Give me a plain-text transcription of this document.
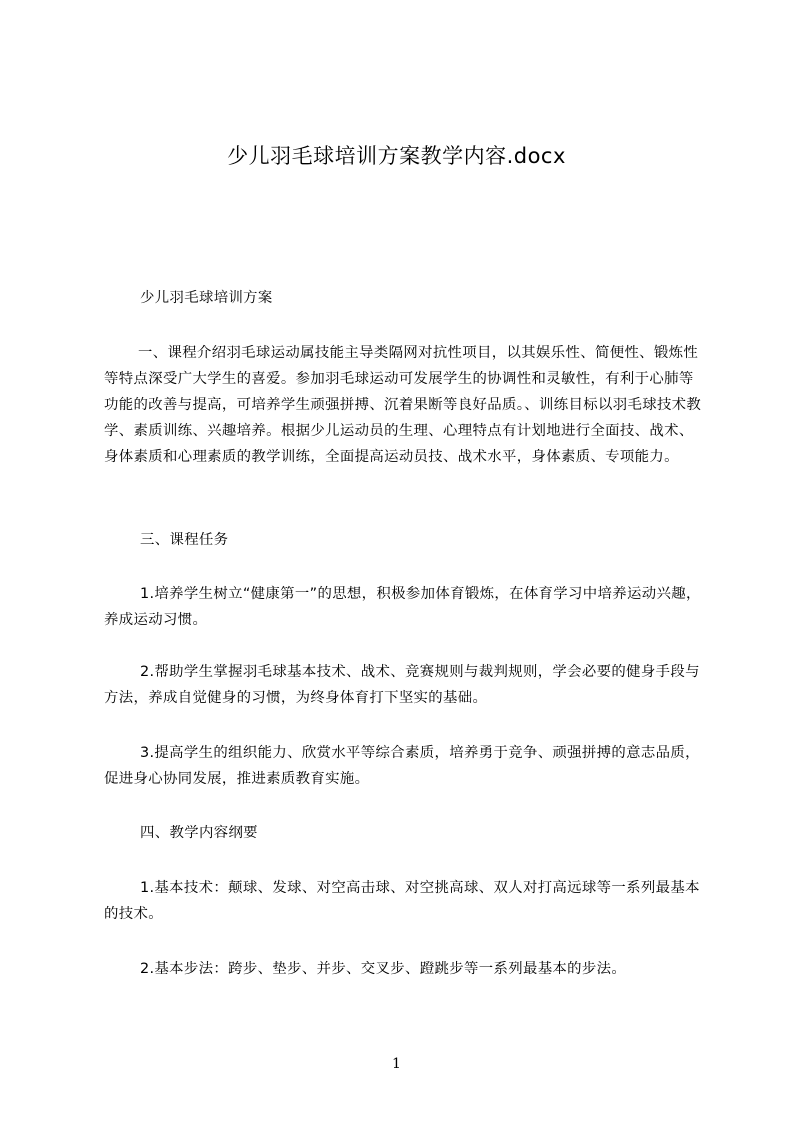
少儿羽毛球培训方案教学内容.docx
少儿羽毛球培训方案
一、课程介绍羽毛球运动属技能主导类隔网对抗性项目，以其娱乐性、简便性、锻炼性等特点深受广大学生的喜爱。参加羽毛球运动可发展学生的协调性和灵敏性，有利于心肺等功能的改善与提高，可培养学生顽强拼搏、沉着果断等良好品质。、训练目标以羽毛球技术教学、素质训练、兴趣培养。根据少儿运动员的生理、心理特点有计划地进行全面技、战术、身体素质和心理素质的教学训练，全面提高运动员技、战术水平，身体素质、专项能力。
三、课程任务
1.培养学生树立“健康第一”的思想，积极参加体育锻炼，在体育学习中培养运动兴趣，养成运动习惯。
2.帮助学生掌握羽毛球基本技术、战术、竞赛规则与裁判规则，学会必要的健身手段与方法，养成自觉健身的习惯，为终身体育打下坚实的基础。
3.提高学生的组织能力、欣赏水平等综合素质，培养勇于竞争、顽强拼搏的意志品质，促进身心协同发展，推进素质教育实施。
四、教学内容纲要
1.基本技术：颠球、发球、对空高击球、对空挑高球、双人对打高远球等一系列最基本的技术。
2.基本步法：跨步、垫步、并步、交叉步、蹬跳步等一系列最基本的步法。
1
